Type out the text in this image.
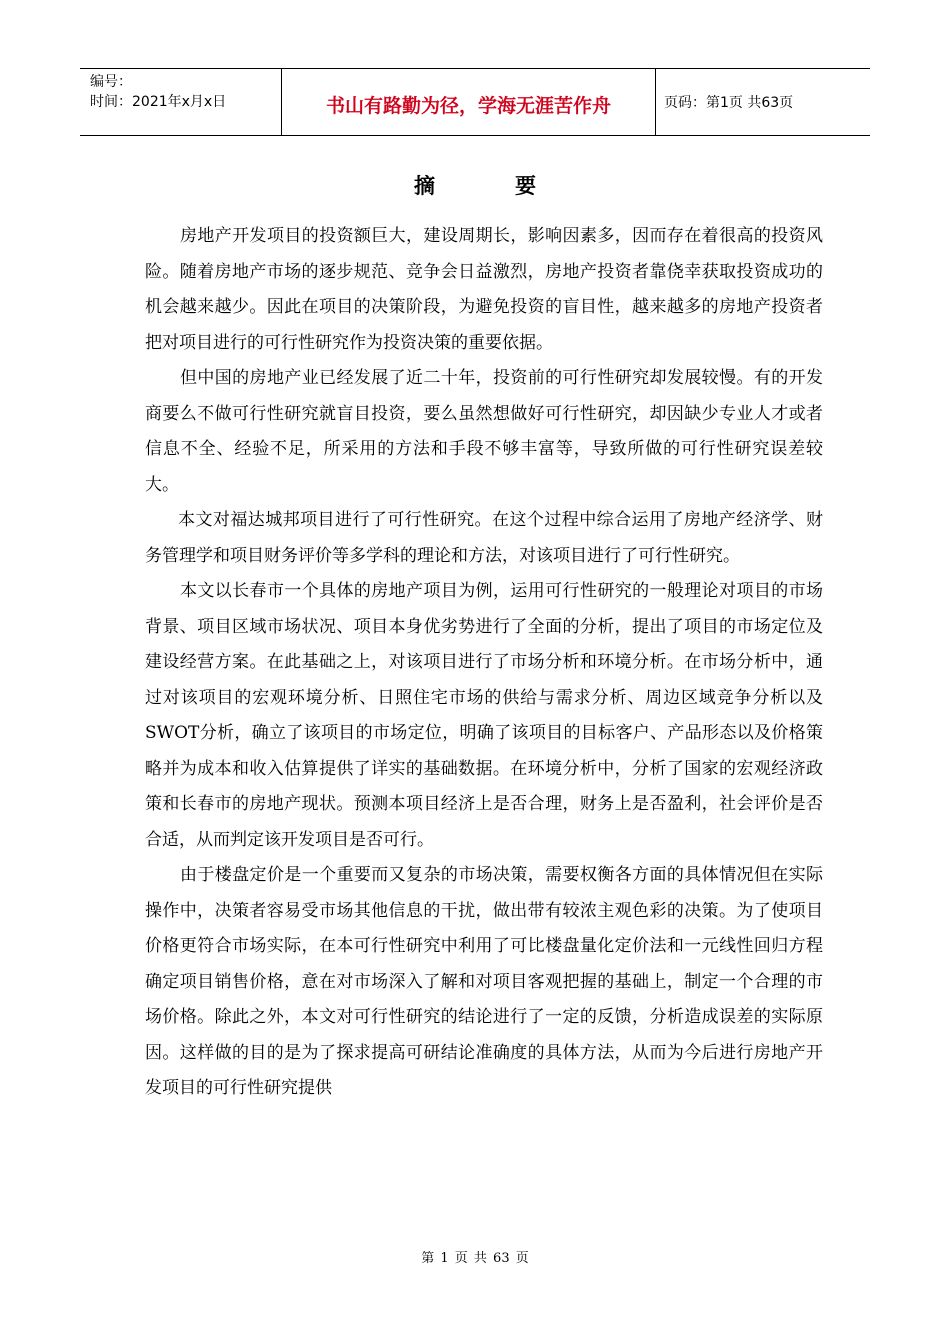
编号：
时间：2021年x月x日	书山有路勤为径，学海无涯苦作舟	页码：第1页 共63页
摘要

房地产开发项目的投资额巨大，建设周期长，影响因素多，因而存在着很高的投资风险。随着房地产市场的逐步规范、竞争会日益激烈，房地产投资者靠侥幸获取投资成功的机会越来越少。因此在项目的决策阶段，为避免投资的盲目性，越来越多的房地产投资者把对项目进行的可行性研究作为投资决策的重要依据。

但中国的房地产业已经发展了近二十年，投资前的可行性研究却发展较慢。有的开发商要么不做可行性研究就盲目投资，要么虽然想做好可行性研究，却因缺少专业人才或者信息不全、经验不足，所采用的方法和手段不够丰富等，导致所做的可行性研究误差较大。

本文对福达城邦项目进行了可行性研究。在这个过程中综合运用了房地产经济学、财务管理学和项目财务评价等多学科的理论和方法，对该项目进行了可行性研究。

本文以长春市一个具体的房地产项目为例，运用可行性研究的一般理论对项目的市场背景、项目区域市场状况、项目本身优劣势进行了全面的分析，提出了项目的市场定位及建设经营方案。在此基础之上，对该项目进行了市场分析和环境分析。在市场分析中，通过对该项目的宏观环境分析、日照住宅市场的供给与需求分析、周边区域竞争分析以及SWOT分析，确立了该项目的市场定位，明确了该项目的目标客户、产品形态以及价格策略并为成本和收入估算提供了详实的基础数据。在环境分析中，分析了国家的宏观经济政策和长春市的房地产现状。预测本项目经济上是否合理，财务上是否盈利，社会评价是否合适，从而判定该开发项目是否可行。

由于楼盘定价是一个重要而又复杂的市场决策，需要权衡各方面的具体情况但在实际操作中，决策者容易受市场其他信息的干扰，做出带有较浓主观色彩的决策。为了使项目价格更符合市场实际，在本可行性研究中利用了可比楼盘量化定价法和一元线性回归方程确定项目销售价格，意在对市场深入了解和对项目客观把握的基础上，制定一个合理的市场价格。除此之外，本文对可行性研究的结论进行了一定的反馈，分析造成误差的实际原因。这样做的目的是为了探求提高可研结论准确度的具体方法，从而为今后进行房地产开发项目的可行性研究提供

第 1 页 共 63 页
